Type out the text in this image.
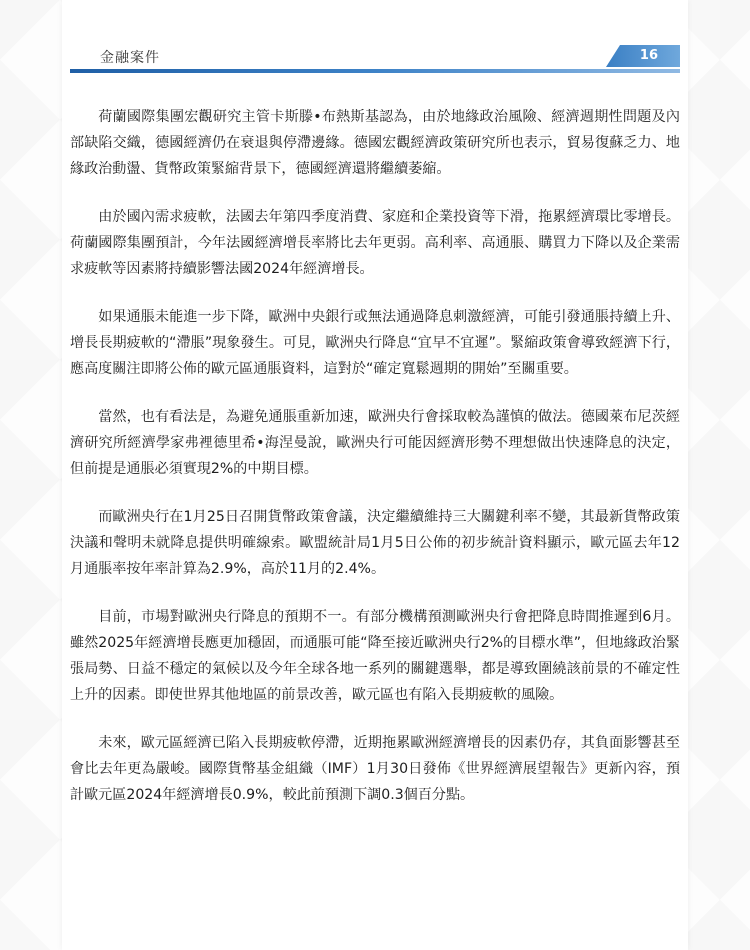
金融案件	16

荷蘭國際集團宏觀研究主管卡斯滕•布熱斯基認為，由於地緣政治風險、經濟週期性問題及內部缺陷交織，德國經濟仍在衰退與停滯邊緣。德國宏觀經濟政策研究所也表示，貿易復蘇乏力、地緣政治動盪、貨幣政策緊縮背景下，德國經濟還將繼續萎縮。

由於國內需求疲軟，法國去年第四季度消費、家庭和企業投資等下滑，拖累經濟環比零增長。荷蘭國際集團預計，今年法國經濟增長率將比去年更弱。高利率、高通脹、購買力下降以及企業需求疲軟等因素將持續影響法國2024年經濟增長。

如果通脹未能進一步下降，歐洲中央銀行或無法通過降息刺激經濟，可能引發通脹持續上升、增長長期疲軟的“滯脹”現象發生。可見，歐洲央行降息“宜早不宜遲”。緊縮政策會導致經濟下行，應高度關注即將公佈的歐元區通脹資料，這對於“確定寬鬆週期的開始”至關重要。

當然，也有看法是，為避免通脹重新加速，歐洲央行會採取較為謹慎的做法。德國萊布尼茨經濟研究所經濟學家弗裡德里希•海涅曼說，歐洲央行可能因經濟形勢不理想做出快速降息的決定，但前提是通脹必須實現2%的中期目標。

而歐洲央行在1月25日召開貨幣政策會議，決定繼續維持三大關鍵利率不變，其最新貨幣政策決議和聲明未就降息提供明確線索。歐盟統計局1月5日公佈的初步統計資料顯示，歐元區去年12月通脹率按年率計算為2.9%，高於11月的2.4%。

目前，市場對歐洲央行降息的預期不一。有部分機構預測歐洲央行會把降息時間推遲到6月。雖然2025年經濟增長應更加穩固，而通脹可能“降至接近歐洲央行2%的目標水準”，但地緣政治緊張局勢、日益不穩定的氣候以及今年全球各地一系列的關鍵選舉，都是導致圍繞該前景的不確定性上升的因素。即使世界其他地區的前景改善，歐元區也有陷入長期疲軟的風險。

未來，歐元區經濟已陷入長期疲軟停滯，近期拖累歐洲經濟增長的因素仍存，其負面影響甚至會比去年更為嚴峻。國際貨幣基金組織（IMF）1月30日發佈《世界經濟展望報告》更新內容，預計歐元區2024年經濟增長0.9%，較此前預測下調0.3個百分點。
